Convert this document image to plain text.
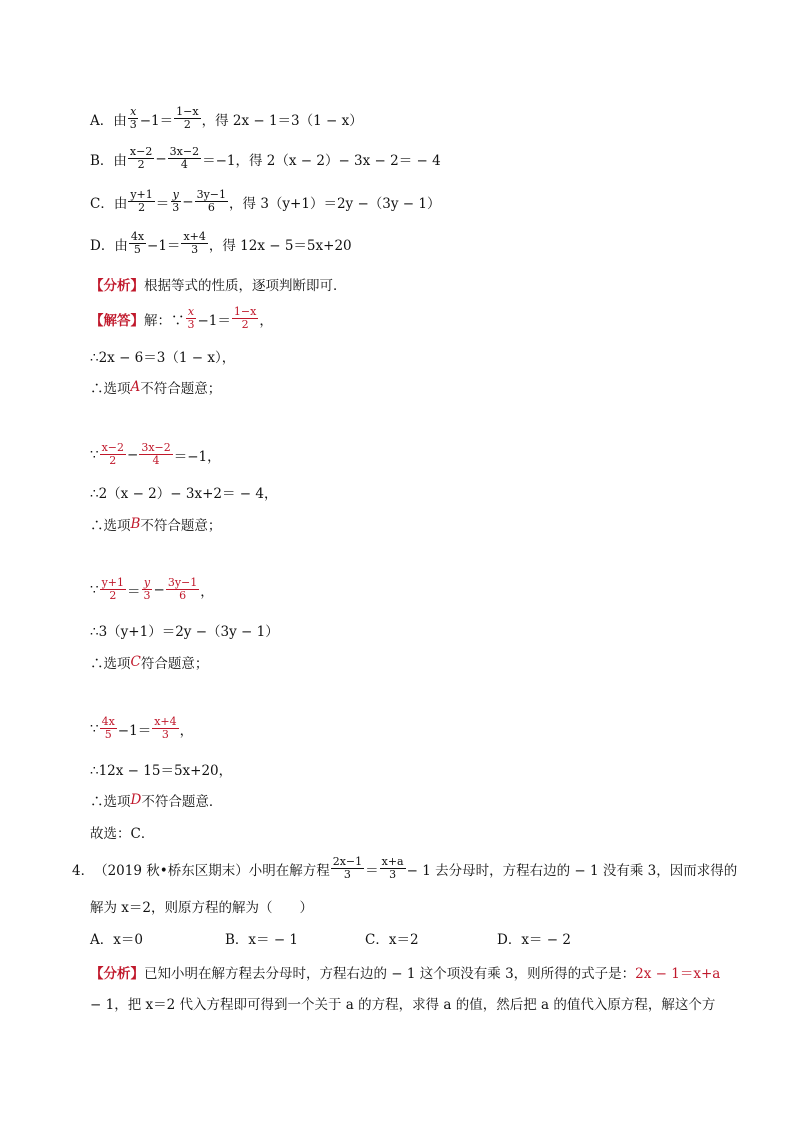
A． 由 $\frac{x}{3} -1= \frac{1-x}{2}$ ，得 2x − 1＝3（1 − x）
B． 由 $\frac{x-2}{2} - \frac{3x-2}{4} =-1$，得 2（x − 2）− 3x − 2＝ − 4
C． 由 $\frac{y+1}{2} = \frac{y}{3} - \frac{3y-1}{6}$ ，得 3（y+1）＝2y −（3y − 1）
D． 由 $\frac{4x}{5} -1= \frac{x+4}{3}$ ，得 12x − 5＝5x+20
【分析】 根据等式的性质，逐项判断即可．
【解答】 解：∵ $\frac{x}{3} -1= \frac{1-x}{2}$ ，
∴2x − 6＝3（1 − x），
∴选项 A 不符合题意；
∵ $\frac{x-2}{2} - \frac{3x-2}{4} =-1$，
∴2（x − 2）− 3x+2＝ − 4，
∴选项 B 不符合题意；
∵ $\frac{y+1}{2} = \frac{y}{3} - \frac{3y-1}{6}$ ，
∴3（y+1）＝2y −（3y − 1）
∴选项 C 符合题意；
∵ $\frac{4x}{5} -1= \frac{x+4}{3}$ ，
∴12x − 15＝5x+20，
∴选项 D 不符合题意．
故选：C．
4． （2019 秋•桥东区期末）小明在解方程 $\frac{2x-1}{3} = \frac{x+a}{3} - 1$ 去分母时，方程右边的 − 1 没有乘 3，因而求得的
解为 x＝2，则原方程的解为（　　）
A．x＝0	B．x＝ − 1	C．x＝2	D．x＝ − 2
【分析】 已知小明在解方程去分母时，方程右边的 − 1 这个项没有乘 3，则所得的式子是： 2x − 1＝x+a
− 1，把 x＝2 代入方程即可得到一个关于 a 的方程，求得 a 的值，然后把 a 的值代入原方程，解这个方
